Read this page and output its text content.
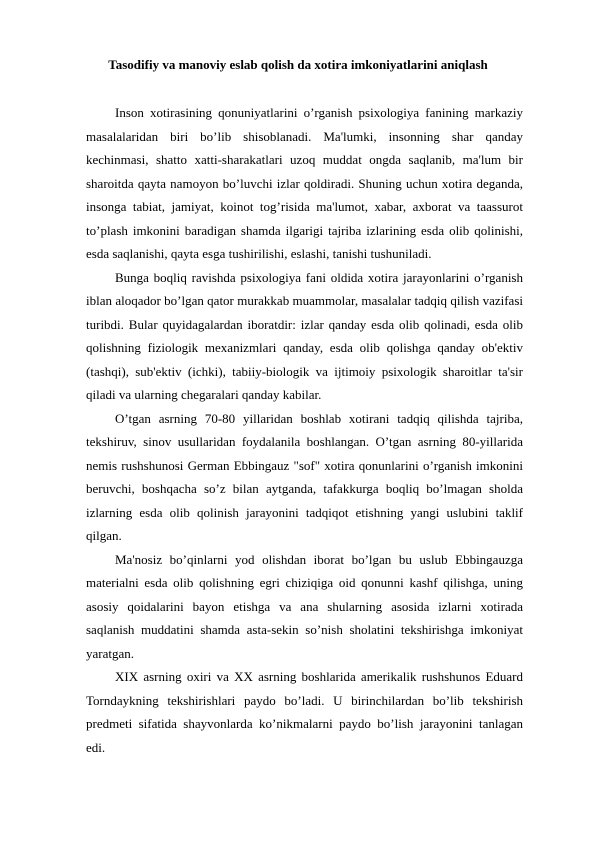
Tasodifiy va manoviy eslab qolish da xotira imkoniyatlarini aniqlash

Inson xotirasining qonuniyatlarini o’rganish psixologiya fanining markaziy masalalaridan biri bo’lib shisoblanadi. Ma'lumki, insonning shar qanday kechinmasi, shatto xatti-sharakatlari uzoq muddat ongda saqlanib, ma'lum bir sharoitda qayta namoyon bo’luvchi izlar qoldiradi. Shuning uchun xotira deganda, insonga tabiat, jamiyat, koinot tog’risida ma'lumot, xabar, axborat va taassurot to’plash imkonini baradigan shamda ilgarigi tajriba izlarining esda olib qolinishi, esda saqlanishi, qayta esga tushirilishi, eslashi, tanishi tushuniladi.

Bunga boqliq ravishda psixologiya fani oldida xotira jarayonlarini o’rganish iblan aloqador bo’lgan qator murakkab muammolar, masalalar tadqiq qilish vazifasi turibdi. Bular quyidagalardan iboratdir: izlar qanday esda olib qolinadi, esda olib qolishning fiziologik mexanizmlari qanday, esda olib qolishga qanday ob'ektiv (tashqi), sub'ektiv (ichki), tabiiy-biologik va ijtimoiy psixologik sharoitlar ta'sir qiladi va ularning chegaralari qanday kabilar.

O’tgan asrning 70-80 yillaridan boshlab xotirani tadqiq qilishda tajriba, tekshiruv, sinov usullaridan foydalanila boshlangan. O’tgan asrning 80-yillarida nemis rushshunosi German Ebbingauz "sof" xotira qonunlarini o’rganish imkonini beruvchi, boshqacha so’z bilan aytganda, tafakkurga boqliq bo’lmagan sholda izlarning esda olib qolinish jarayonini tadqiqot etishning yangi uslubini taklif qilgan.

Ma'nosiz bo’qinlarni yod olishdan iborat bo’lgan bu uslub Ebbingauzga materialni esda olib qolishning egri chiziqiga oid qonunni kashf qilishga, uning asosiy qoidalarini bayon etishga va ana shularning asosida izlarni xotirada saqlanish muddatini shamda asta-sekin so’nish sholatini tekshirishga imkoniyat yaratgan.

XIX asrning oxiri va XX asrning boshlarida amerikalik rushshunos Eduard Torndaykning tekshirishlari paydo bo’ladi. U birinchilardan bo’lib tekshirish predmeti sifatida shayvonlarda ko’nikmalarni paydo bo’lish jarayonini tanlagan edi.
